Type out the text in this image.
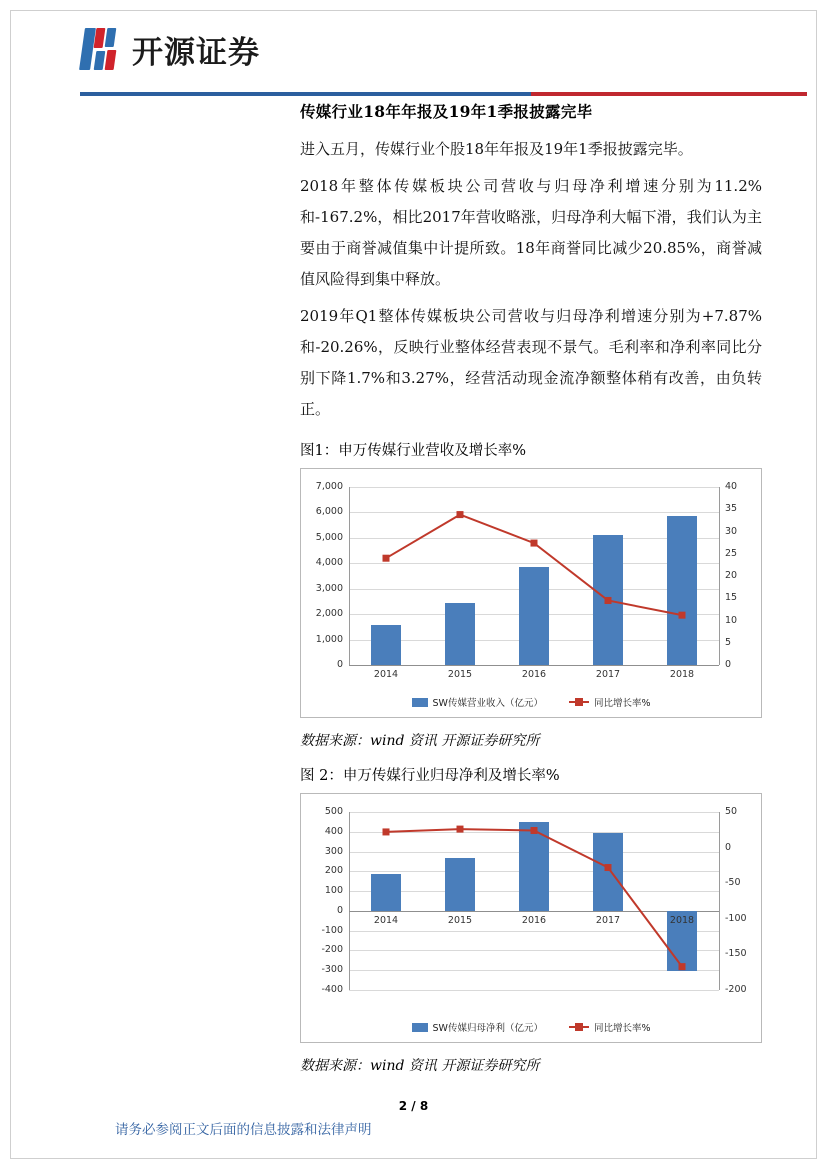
开源证券
传媒行业18年年报及19年1季报披露完毕

进入五月，传媒行业个股18年年报及19年1季报披露完毕。

2018年整体传媒板块公司营收与归母净利增速分别为11.2%和-167.2%，相比2017年营收略涨，归母净利大幅下滑，我们认为主要由于商誉减值集中计提所致。18年商誉同比减少20.85%，商誉减值风险得到集中释放。

2019年Q1整体传媒板块公司营收与归母净利增速分别为+7.87%和-20.26%，反映行业整体经营表现不景气。毛利率和净利率同比分别下降1.7%和3.27%，经营活动现金流净额整体稍有改善，由负转正。

图1：申万传媒行业营收及增长率%
0
1,000
2,000
3,000
4,000
5,000
6,000
7,000
0
5
10
15
20
25
30
35
40
2014	2015	2016	2017	2018
SW传媒营业收入（亿元）	同比增长率%
数据来源：wind 资讯 开源证券研究所
图 2：申万传媒行业归母净利及增长率%
-400
-300
-200
-100
0
100
200
300
400
500
-200
-150
-100
-50
0
50
2014	2015	2016	2017	2018
SW传媒归母净利（亿元）	同比增长率%
数据来源：wind 资讯 开源证券研究所
2 / 8
请务必参阅正文后面的信息披露和法律声明
